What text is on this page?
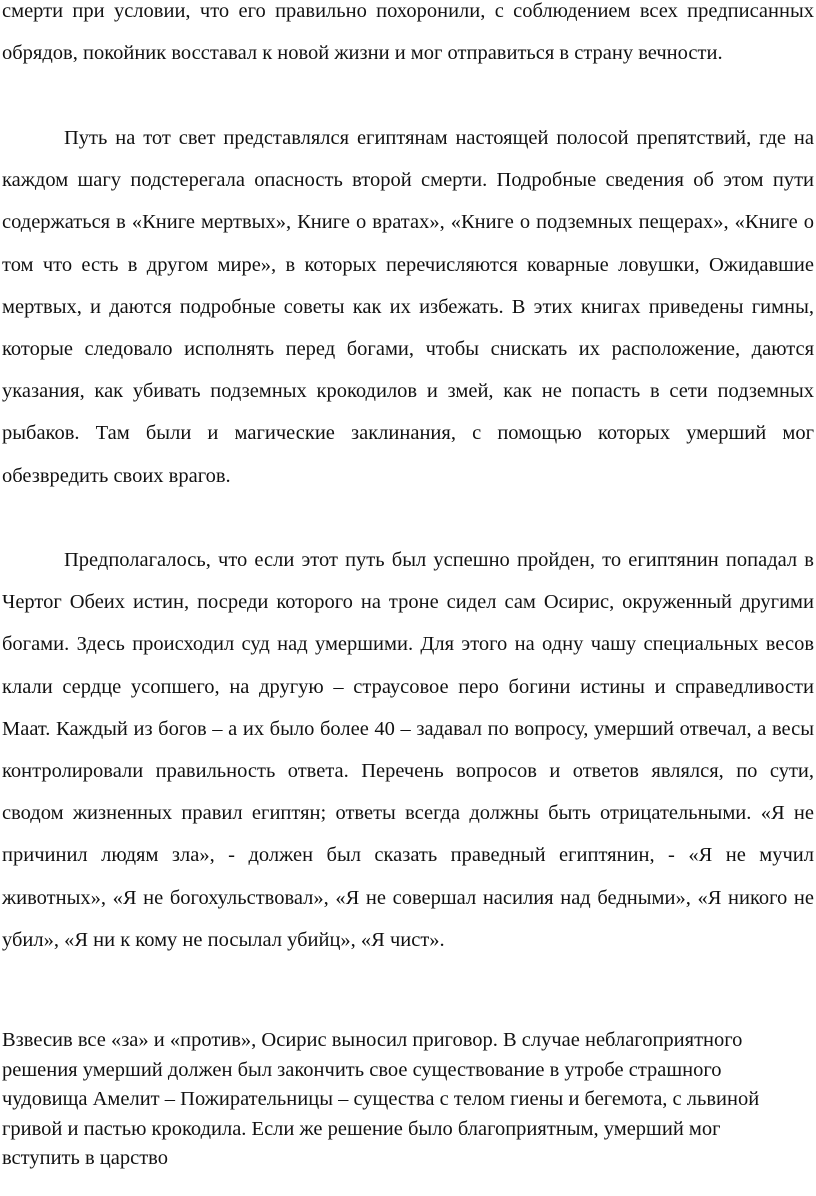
смерти при условии, что его правильно похоронили, с соблюдением всех предписанных обрядов, покойник восставал к новой жизни и мог отправиться в страну вечности.

Путь на тот свет представлялся египтянам настоящей полосой препятствий, где на каждом шагу подстерегала опасность второй смерти. Подробные сведения об этом пути содержаться в «Книге мертвых», Книге о вратах», «Книге о подземных пещерах», «Книге о том что есть в другом мире», в которых перечисляются коварные ловушки, Ожидавшие мертвых, и даются подробные советы как их избежать. В этих книгах приведены гимны, которые следовало исполнять перед богами, чтобы снискать их расположение, даются указания, как убивать подземных крокодилов и змей, как не попасть в сети подземных рыбаков. Там были и магические заклинания, с помощью которых умерший мог обезвредить своих врагов.

Предполагалось, что если этот путь был успешно пройден, то египтянин попадал в Чертог Обеих истин, посреди которого на троне сидел сам Осирис, окруженный другими богами. Здесь происходил суд над умершими. Для этого на одну чашу специальных весов клали сердце усопшего, на другую – страусовое перо богини истины и справедливости Маат. Каждый из богов – а их было более 40 – задавал по вопросу, умерший отвечал, а весы контролировали правильность ответа. Перечень вопросов и ответов являлся, по сути, сводом жизненных правил египтян; ответы всегда должны быть отрицательными. «Я не причинил людям зла», - должен был сказать праведный египтянин, - «Я не мучил животных», «Я не богохульствовал», «Я не совершал насилия над бедными», «Я никого не убил», «Я ни к кому не посылал убийц», «Я чист».

Взвесив все «за» и «против», Осирис выносил приговор. В случае неблагоприятного решения умерший должен был закончить свое существование в утробе страшного чудовища Амелит – Пожирательницы – существа с телом гиены и бегемота, с львиной гривой и пастью крокодила. Если же решение было благоприятным, умерший мог вступить в царство
